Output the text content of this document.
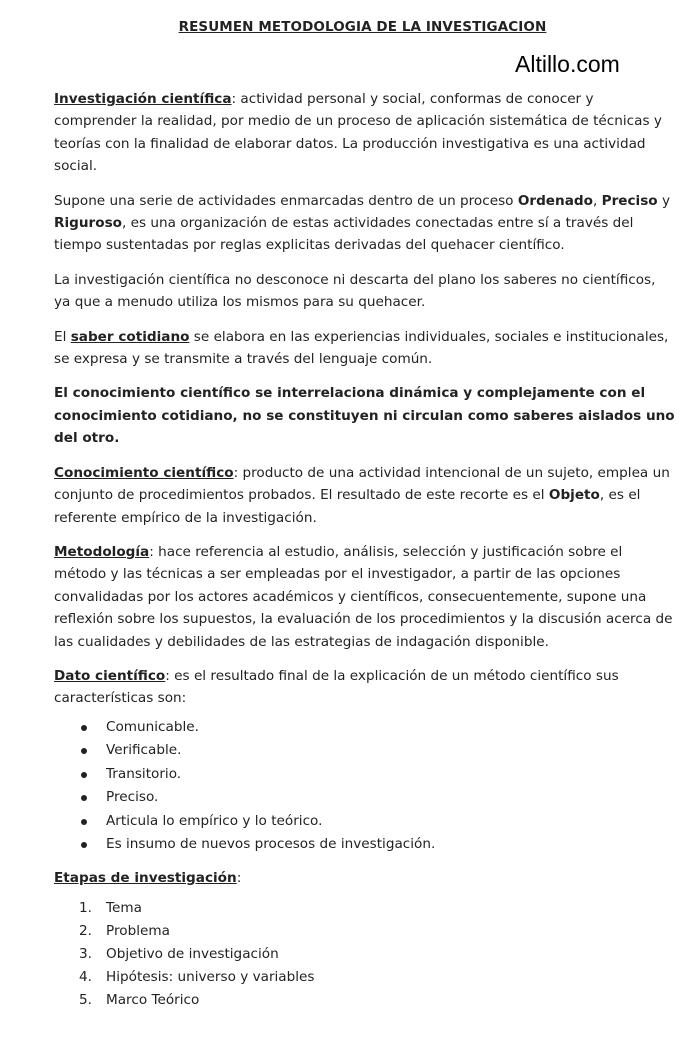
RESUMEN METODOLOGIA DE LA INVESTIGACION
Altillo.com

Investigación científica: actividad personal y social, conformas de conocer y comprender la realidad, por medio de un proceso de aplicación sistemática de técnicas y teorías con la finalidad de elaborar datos. La producción investigativa es una actividad social.

Supone una serie de actividades enmarcadas dentro de un proceso Ordenado, Preciso y Riguroso, es una organización de estas actividades conectadas entre sí a través del tiempo sustentadas por reglas explicitas derivadas del quehacer científico.

La investigación científica no desconoce ni descarta del plano los saberes no científicos, ya que a menudo utiliza los mismos para su quehacer.

El saber cotidiano se elabora en las experiencias individuales, sociales e institucionales, se expresa y se transmite a través del lenguaje común.

El conocimiento científico se interrelaciona dinámica y complejamente con el conocimiento cotidiano, no se constituyen ni circulan como saberes aislados uno del otro.

Conocimiento científico: producto de una actividad intencional de un sujeto, emplea un conjunto de procedimientos probados. El resultado de este recorte es el Objeto, es el referente empírico de la investigación.

Metodología: hace referencia al estudio, análisis, selección y justificación sobre el método y las técnicas a ser empleadas por el investigador, a partir de las opciones convalidadas por los actores académicos y científicos, consecuentemente, supone una reflexión sobre los supuestos, la evaluación de los procedimientos y la discusión acerca de las cualidades y debilidades de las estrategias de indagación disponible.

Dato científico: es el resultado final de la explicación de un método científico sus características son:

Comunicable.
Verificable.
Transitorio.
Preciso.
Articula lo empírico y lo teórico.
Es insumo de nuevos procesos de investigación.

Etapas de investigación:

1. Tema
2. Problema
3. Objetivo de investigación
4. Hipótesis: universo y variables
5. Marco Teórico
